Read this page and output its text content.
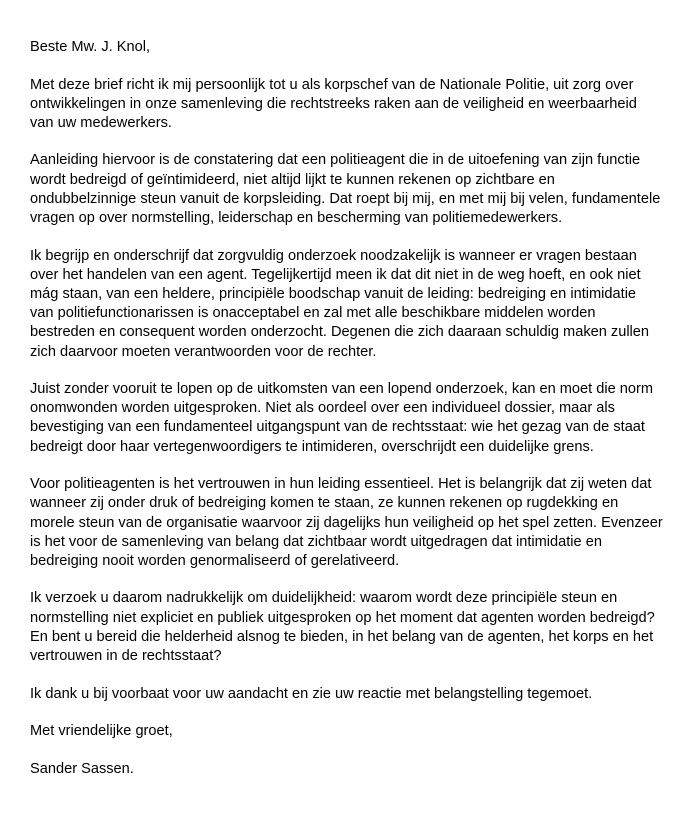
Beste Mw. J. Knol,

Met deze brief richt ik mij persoonlijk tot u als korpschef van de Nationale Politie, uit zorg over ontwikkelingen in onze samenleving die rechtstreeks raken aan de veiligheid en weerbaarheid van uw medewerkers.

Aanleiding hiervoor is de constatering dat een politieagent die in de uitoefening van zijn functie wordt bedreigd of geïntimideerd, niet altijd lijkt te kunnen rekenen op zichtbare en ondubbelzinnige steun vanuit de korpsleiding. Dat roept bij mij, en met mij bij velen, fundamentele vragen op over normstelling, leiderschap en bescherming van politiemedewerkers.

Ik begrijp en onderschrijf dat zorgvuldig onderzoek noodzakelijk is wanneer er vragen bestaan over het handelen van een agent. Tegelijkertijd meen ik dat dit niet in de weg hoeft, en ook niet mág staan, van een heldere, principiële boodschap vanuit de leiding: bedreiging en intimidatie van politiefunctionarissen is onacceptabel en zal met alle beschikbare middelen worden bestreden en consequent worden onderzocht. Degenen die zich daaraan schuldig maken zullen zich daarvoor moeten verantwoorden voor de rechter.

Juist zonder vooruit te lopen op de uitkomsten van een lopend onderzoek, kan en moet die norm onomwonden worden uitgesproken. Niet als oordeel over een individueel dossier, maar als bevestiging van een fundamenteel uitgangspunt van de rechtsstaat: wie het gezag van de staat bedreigt door haar vertegenwoordigers te intimideren, overschrijdt een duidelijke grens.

Voor politieagenten is het vertrouwen in hun leiding essentieel. Het is belangrijk dat zij weten dat wanneer zij onder druk of bedreiging komen te staan, ze kunnen rekenen op rugdekking en morele steun van de organisatie waarvoor zij dagelijks hun veiligheid op het spel zetten. Evenzeer is het voor de samenleving van belang dat zichtbaar wordt uitgedragen dat intimidatie en bedreiging nooit worden genormaliseerd of gerelativeerd.

Ik verzoek u daarom nadrukkelijk om duidelijkheid: waarom wordt deze principiële steun en normstelling niet expliciet en publiek uitgesproken op het moment dat agenten worden bedreigd? En bent u bereid die helderheid alsnog te bieden, in het belang van de agenten, het korps en het vertrouwen in de rechtsstaat?

Ik dank u bij voorbaat voor uw aandacht en zie uw reactie met belangstelling tegemoet.

Met vriendelijke groet,

Sander Sassen.
